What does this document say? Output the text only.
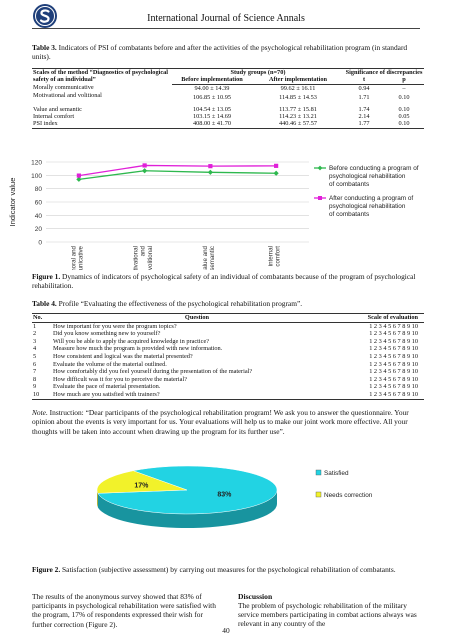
International Journal of Science Annals
Table 3. Indicators of PSI of combatants before and after the activities of the psychological rehabilitation program (in standard units).
Scales of the method “Diagnostics of psychological safety of an individual”	Study groups (n=70)		Significance of discrepancies	
	Before implementation	After implementation	t	p
Morally communicative	94.00 ± 14.39	99.62 ± 16.11	0.94	–
Motivational and volitional	106.85 ± 10.95	114.85 ± 14.53	1.71	0.10
Value and semantic	104.54 ± 13.05	113.77 ± 15.81	1.74	0.10
Internal comfort	103.15 ± 14.69	114.23 ± 13.21	2.14	0.05
PSI index	408.00 ± 41.70	440.46 ± 57.57	1.77	0.10
0
20
40
60
80
100
120
moral and communicative	motivational and volitional	value and semantic	internal comfort
Before conducting a program of
psychological rehabilitation
of combatants
After conducting a program of
psychological rehabilitation
of combatants
Indicator value
Figure 1. Dynamics of indicators of psychological safety of an individual of combatants because of the program of psychological rehabilitation.
Table 4. Profile “Evaluating the effectiveness of the psychological rehabilitation program”.
No.	Question	Scale of evaluation
1	How important for you were the program topics?	1 2 3 4 5 6 7 8 9 10
2	Did you know something new to yourself?	1 2 3 4 5 6 7 8 9 10
3	Will you be able to apply the acquired knowledge in practice?	1 2 3 4 5 6 7 8 9 10
4	Measure how much the program is provided with new information.	1 2 3 4 5 6 7 8 9 10
5	How consistent and logical was the material presented?	1 2 3 4 5 6 7 8 9 10
6	Evaluate the volume of the material outlined.	1 2 3 4 5 6 7 8 9 10
7	How comfortably did you feel yourself during the presentation of the material?	1 2 3 4 5 6 7 8 9 10
8	How difficult was it for you to perceive the material?	1 2 3 4 5 6 7 8 9 10
9	Evaluate the pace of material presentation.	1 2 3 4 5 6 7 8 9 10
10	How much are you satisfied with trainers?	1 2 3 4 5 6 7 8 9 10
Note. Instruction: “Dear participants of the psychological rehabilitation program! We ask you to answer the questionnaire. Your opinion about the events is very important for us. Your evaluations will help us to make our joint work more effective. All your thoughts will be taken into account when drawing up the program for its further use”.
83%
17%
Satisfied
Needs correction
Figure 2. Satisfaction (subjective assessment) by carrying out measures for the psychological rehabilitation of combatants.
The results of the anonymous survey showed that 83% of participants in psychological rehabilitation were satisfied with the program, 17% of respondents expressed their wish for further correction (Figure 2).
Discussion

The problem of psychologic rehabilitation of the military service members participating in combat actions always was relevant in any country of the

40
